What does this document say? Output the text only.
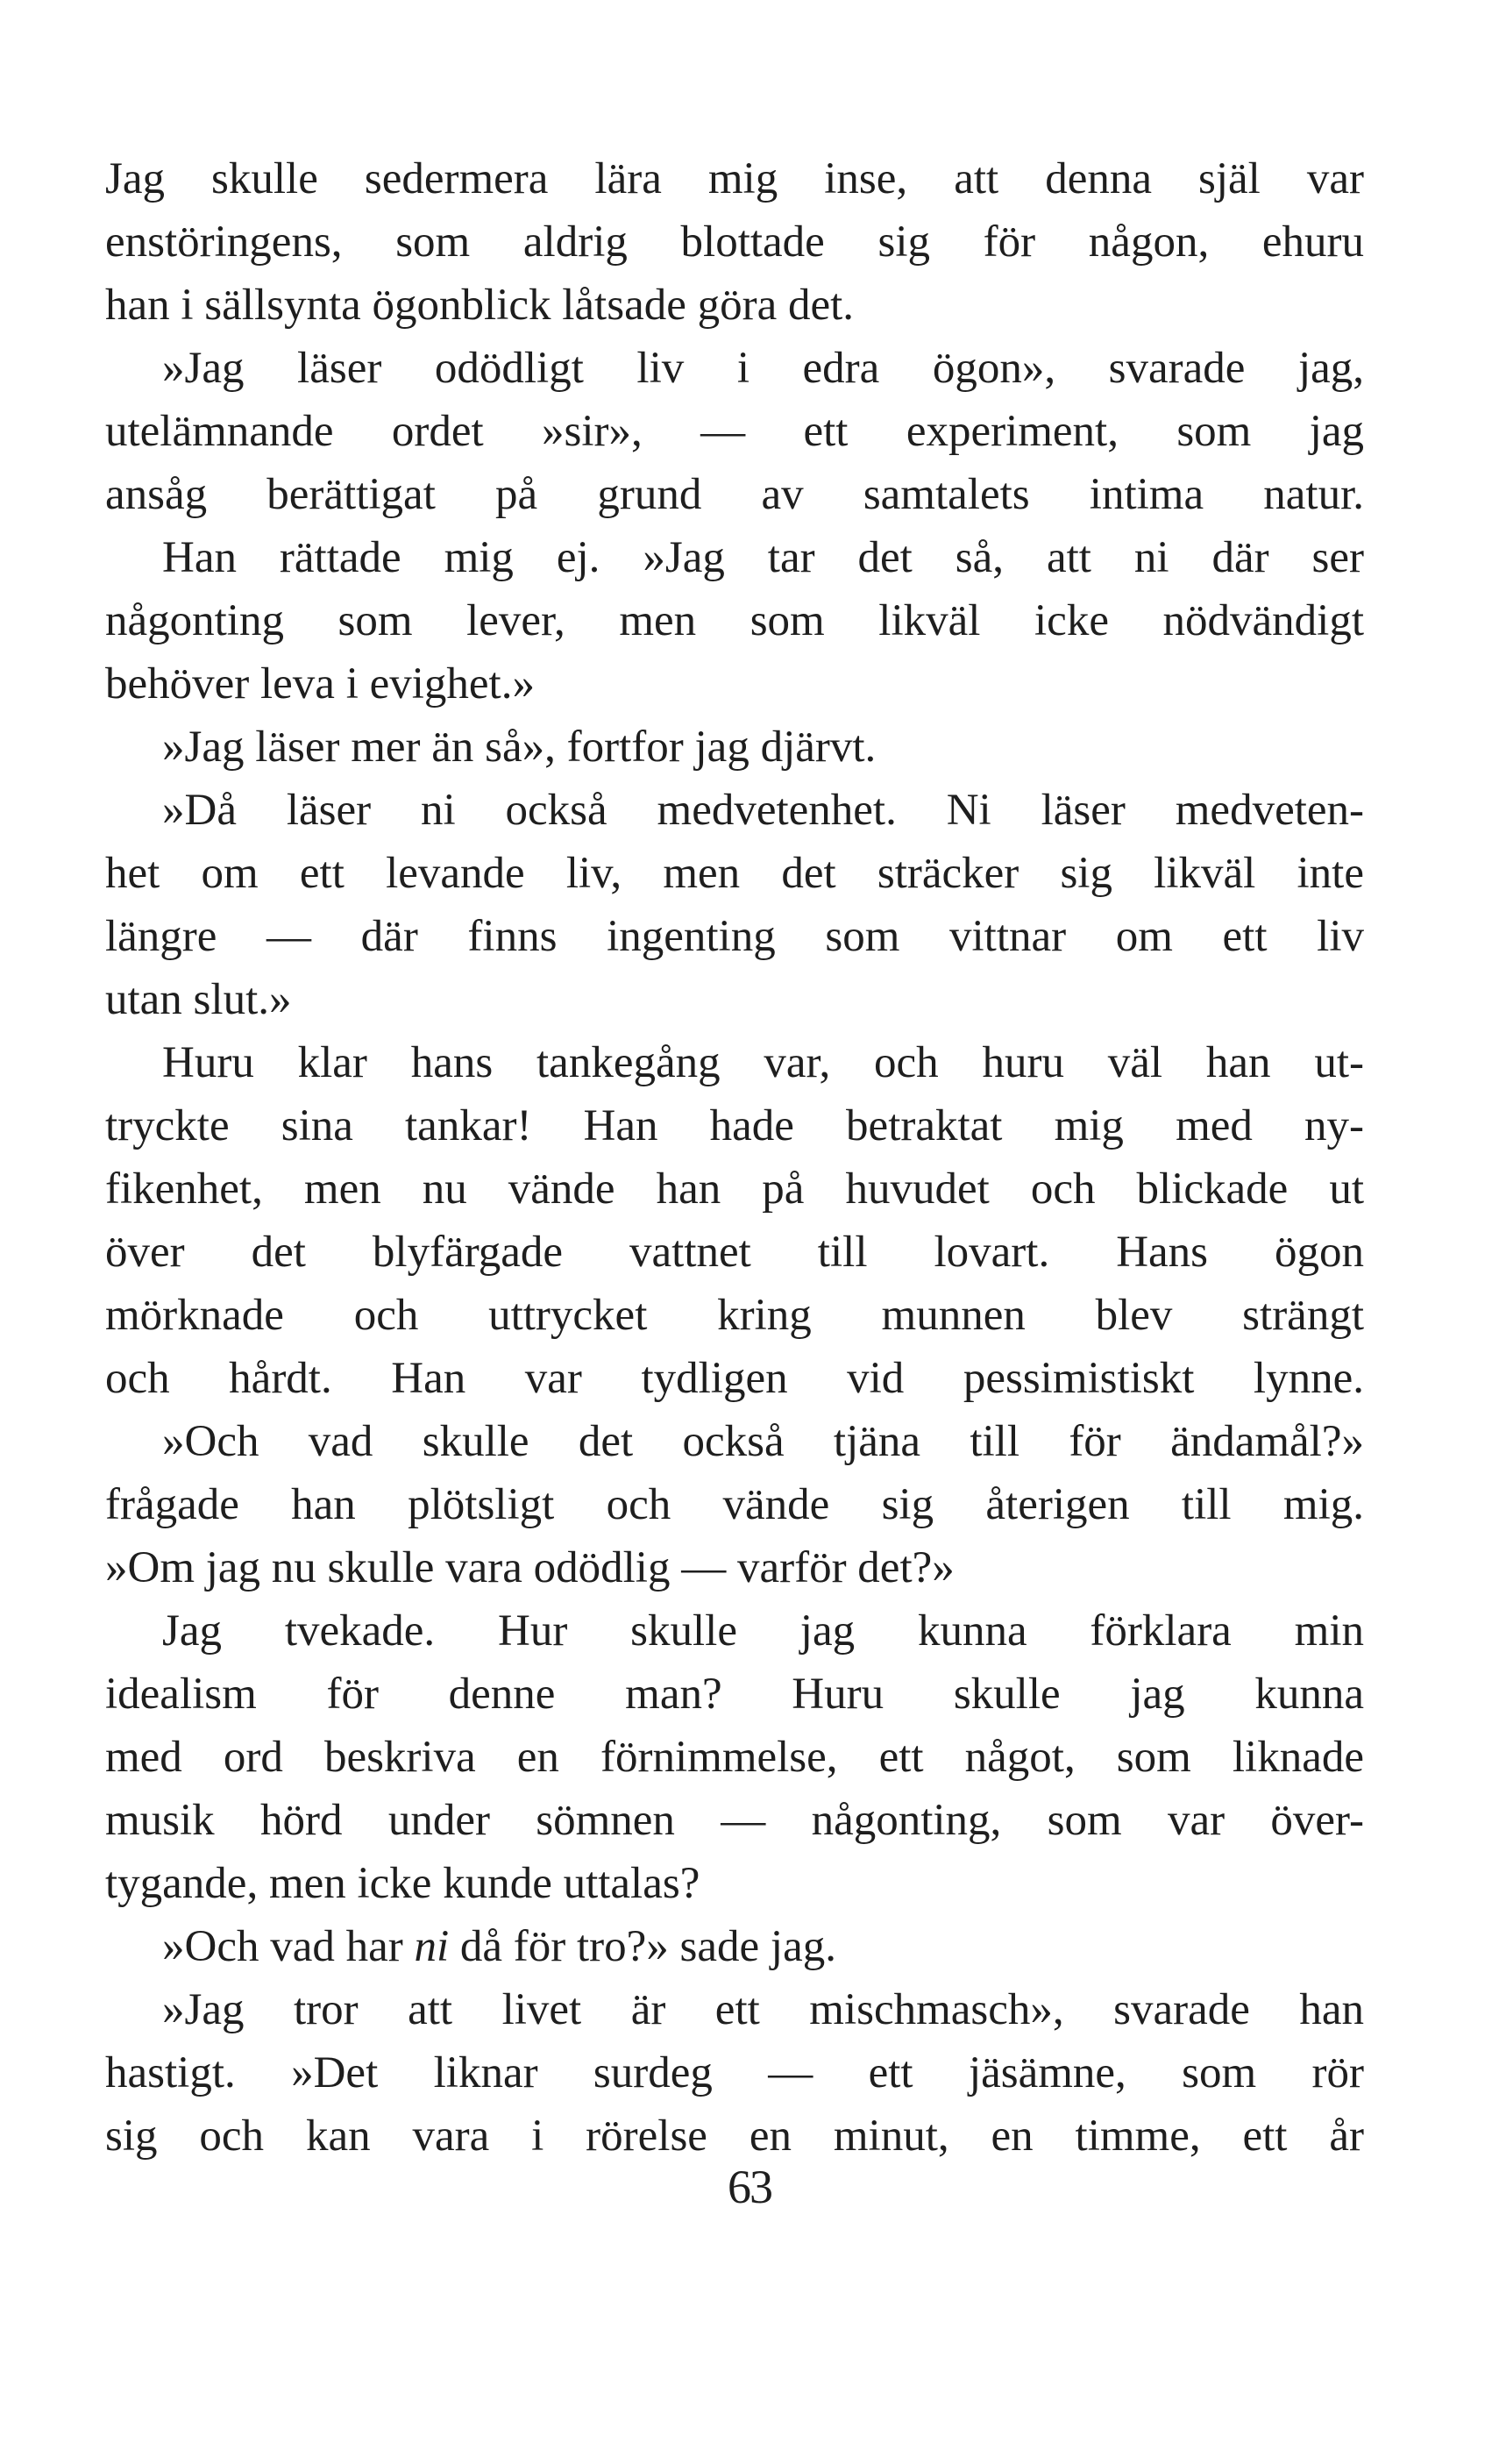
Jag skulle sedermera lära mig inse, att denna själ var
enstöringens, som aldrig blottade sig för någon, ehuru
han i sällsynta ögonblick låtsade göra det.
»Jag läser odödligt liv i edra ögon», svarade jag,
utelämnande ordet »sir», — ett experiment, som jag
ansåg berättigat på grund av samtalets intima natur.
Han rättade mig ej. »Jag tar det så, att ni där ser
någonting som lever, men som likväl icke nödvändigt
behöver leva i evighet.»
»Jag läser mer än så», fortfor jag djärvt.
»Då läser ni också medvetenhet. Ni läser medveten-
het om ett levande liv, men det sträcker sig likväl inte
längre — där finns ingenting som vittnar om ett liv
utan slut.»
Huru klar hans tankegång var, och huru väl han ut-
tryckte sina tankar! Han hade betraktat mig med ny-
fikenhet, men nu vände han på huvudet och blickade ut
över det blyfärgade vattnet till lovart. Hans ögon
mörknade och uttrycket kring munnen blev strängt
och hårdt. Han var tydligen vid pessimistiskt lynne.
»Och vad skulle det också tjäna till för ändamål?»
frågade han plötsligt och vände sig återigen till mig.
»Om jag nu skulle vara odödlig — varför det?»
Jag tvekade. Hur skulle jag kunna förklara min
idealism för denne man? Huru skulle jag kunna
med ord beskriva en förnimmelse, ett något, som liknade
musik hörd under sömnen — någonting, som var över-
tygande, men icke kunde uttalas?
»Och vad har ni då för tro?» sade jag.
»Jag tror att livet är ett mischmasch», svarade han
hastigt. »Det liknar surdeg — ett jäsämne, som rör
sig och kan vara i rörelse en minut, en timme, ett år
63
